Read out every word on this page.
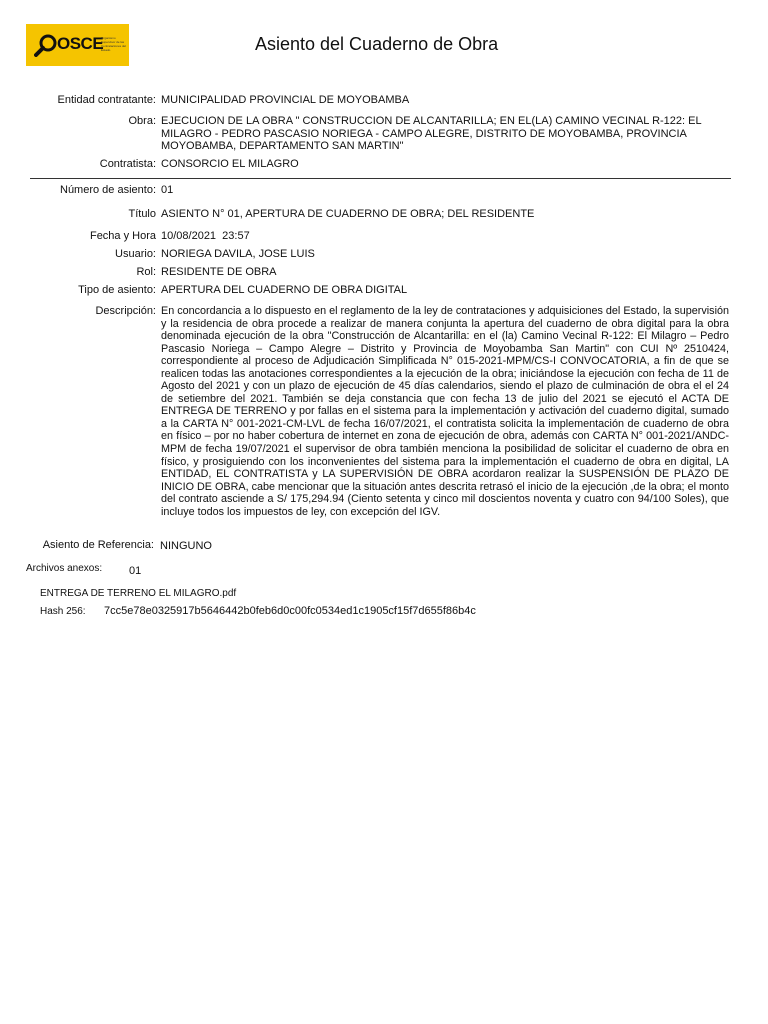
OSCE
Organismo Supervisor de las Contrataciones del Estado	Asiento del Cuaderno de Obra
Entidad contratante: MUNICIPALIDAD PROVINCIAL DE MOYOBAMBA
Obra: EJECUCION DE LA OBRA " CONSTRUCCION DE ALCANTARILLA; EN EL(LA) CAMINO VECINAL R-122: EL MILAGRO - PEDRO PASCASIO NORIEGA - CAMPO ALEGRE, DISTRITO DE MOYOBAMBA, PROVINCIA MOYOBAMBA, DEPARTAMENTO SAN MARTIN"
Contratista: CONSORCIO EL MILAGRO
Número de asiento: 01
Título ASIENTO N° 01, APERTURA DE CUADERNO DE OBRA; DEL RESIDENTE
Fecha y Hora 10/08/2021  23:57
Usuario: NORIEGA DAVILA, JOSE LUIS
Rol: RESIDENTE DE OBRA
Tipo de asiento: APERTURA DEL CUADERNO DE OBRA DIGITAL
Descripción: En concordancia a lo dispuesto en el reglamento de la ley de contrataciones y adquisiciones del Estado, la supervisión y la residencia de obra procede a realizar de manera conjunta la apertura del cuaderno de obra digital para la obra denominada ejecución de la obra "Construcción de Alcantarilla: en el (la) Camino Vecinal R-122: El Milagro – Pedro Pascasio Noriega – Campo Alegre – Distrito y Provincia de Moyobamba San Martin" con CUI Nº 2510424, correspondiente al proceso de Adjudicación Simplificada N° 015-2021-MPM/CS-I CONVOCATORIA, a fin de que se realicen todas las anotaciones correspondientes a la ejecución de la obra; iniciándose la ejecución con fecha de 11 de Agosto del 2021 y con un plazo de ejecución de 45 días calendarios, siendo el plazo de culminación de obra el el 24 de setiembre del 2021. También se deja constancia que con fecha 13 de julio del 2021 se ejecutó el ACTA DE ENTREGA DE TERRENO y por fallas en el sistema para la implementación y activación del cuaderno digital, sumado a la CARTA N° 001-2021-CM-LVL de fecha 16/07/2021, el contratista solicita la implementación de cuaderno de obra en físico – por no haber cobertura de internet en zona de ejecución de obra, además con CARTA N° 001-2021/ANDC-MPM de fecha 19/07/2021 el supervisor de obra también menciona la posibilidad de solicitar el cuaderno de obra en físico, y prosiguiendo con los inconvenientes del sistema para la implementación el cuaderno de obra en digital, LA ENTIDAD, EL CONTRATISTA y LA SUPERVISIÓN DE OBRA acordaron realizar la SUSPENSIÓN DE PLAZO DE INICIO DE OBRA, cabe mencionar que la situación antes descrita retrasó el inicio de la ejecución ,de la obra; el monto del contrato asciende a S/ 175,294.94 (Ciento setenta y cinco mil doscientos noventa y cuatro con 94/100 Soles), que incluye todos los impuestos de ley, con excepción del IGV.
Asiento de Referencia: NINGUNO
Archivos anexos: 01
ENTREGA DE TERRENO EL MILAGRO.pdf
Hash 256: 7cc5e78e0325917b5646442b0feb6d0c00fc0534ed1c1905cf15f7d655f86b4c
